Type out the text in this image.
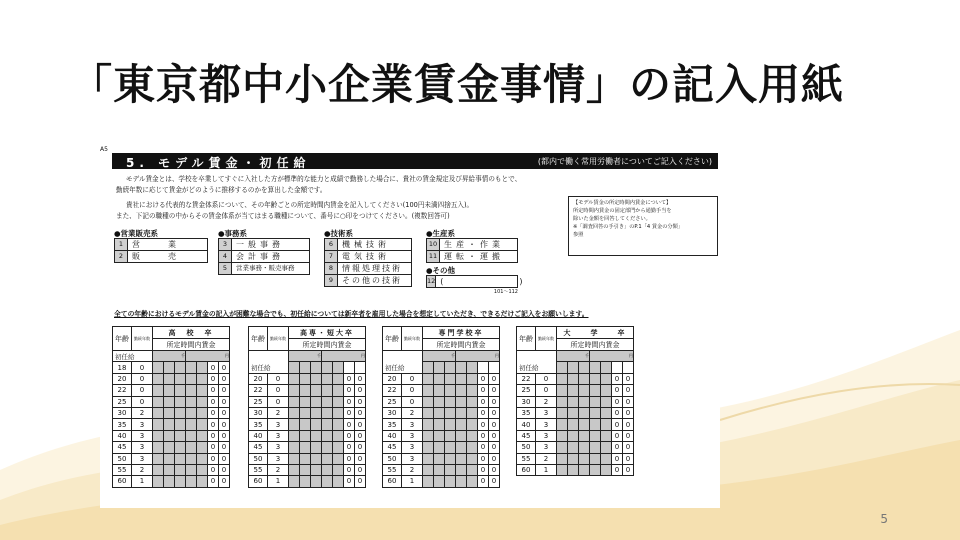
「東京都中小企業賃金事情」の記入用紙
A5
5. モデル賃金・初任給	(都内で働く常用労働者についてご記入ください)
モデル賃金とは、学校を卒業してすぐに入社した方が標準的な能力と成績で勤務した場合に、貴社の賃金規定及び昇給事情のもとで、
勤続年数に応じて賃金がどのように推移するのかを算出した金額です。
貴社における代表的な賃金体系について、その年齢ごとの所定時間内賃金を記入してください(100円未満四捨五入)。
また、下記の職種の中からその賃金体系が当てはまる職種について、番号に○印をつけてください。(複数回答可)
【モデル賃金の所定時間内賃金について】
所定時間内賃金の固定部門から通勤手当を
除いた金額を回答してください。
※「調査回答の手引き」のP.1「4 賃金の分類」
参照
●営業販売系
1	営　　業
2	販　　売
●事務系
3	一般事務
4	会計事務
5	営業事務・販売事務
●技術系
6	機械技術
7	電気技術
8	情報処理技術
9	その他の技術
●生産系
10 生産・作業
11 運転・運搬
●その他
12 (　　　　　　)
101～112
全ての年齢におけるモデル賃金の記入が困難な場合でも、初任給については新卒者を雇用した場合を想定していただき、できるだけご記入をお願いします。
年齢	勤続年数	高　校　卒						
		所定時間内賃金						
初任給		千			円			
18	0						0	0
20	0						0	0
22	0						0	0
25	0						0	0
30	2						0	0
35	3						0	0
40	3						0	0
45	3						0	0
50	3						0	0
55	2						0	0
60	1						0	0
年齢	勤続年数	高専・短大卒						
		所定時間内賃金						
		千			円			
初任給								
20	0						0	0
22	0						0	0
25	0						0	0
30	2						0	0
35	3						0	0
40	3						0	0
45	3						0	0
50	3						0	0
55	2						0	0
60	1						0	0
年齢	勤続年数	専門学校卒						
		所定時間内賃金						
		千			円			
初任給								
20	0						0	0
22	0						0	0
25	0						0	0
30	2						0	0
35	3						0	0
40	3						0	0
45	3						0	0
50	3						0	0
55	2						0	0
60	1						0	0
年齢	勤続年数	大　　学　　卒						
		所定時間内賃金						
		千			円			
初任給								
22	0						0	0
25	0						0	0
30	2						0	0
35	3						0	0
40	3						0	0
45	3						0	0
50	3						0	0
55	2						0	0
60	1						0	0
5
